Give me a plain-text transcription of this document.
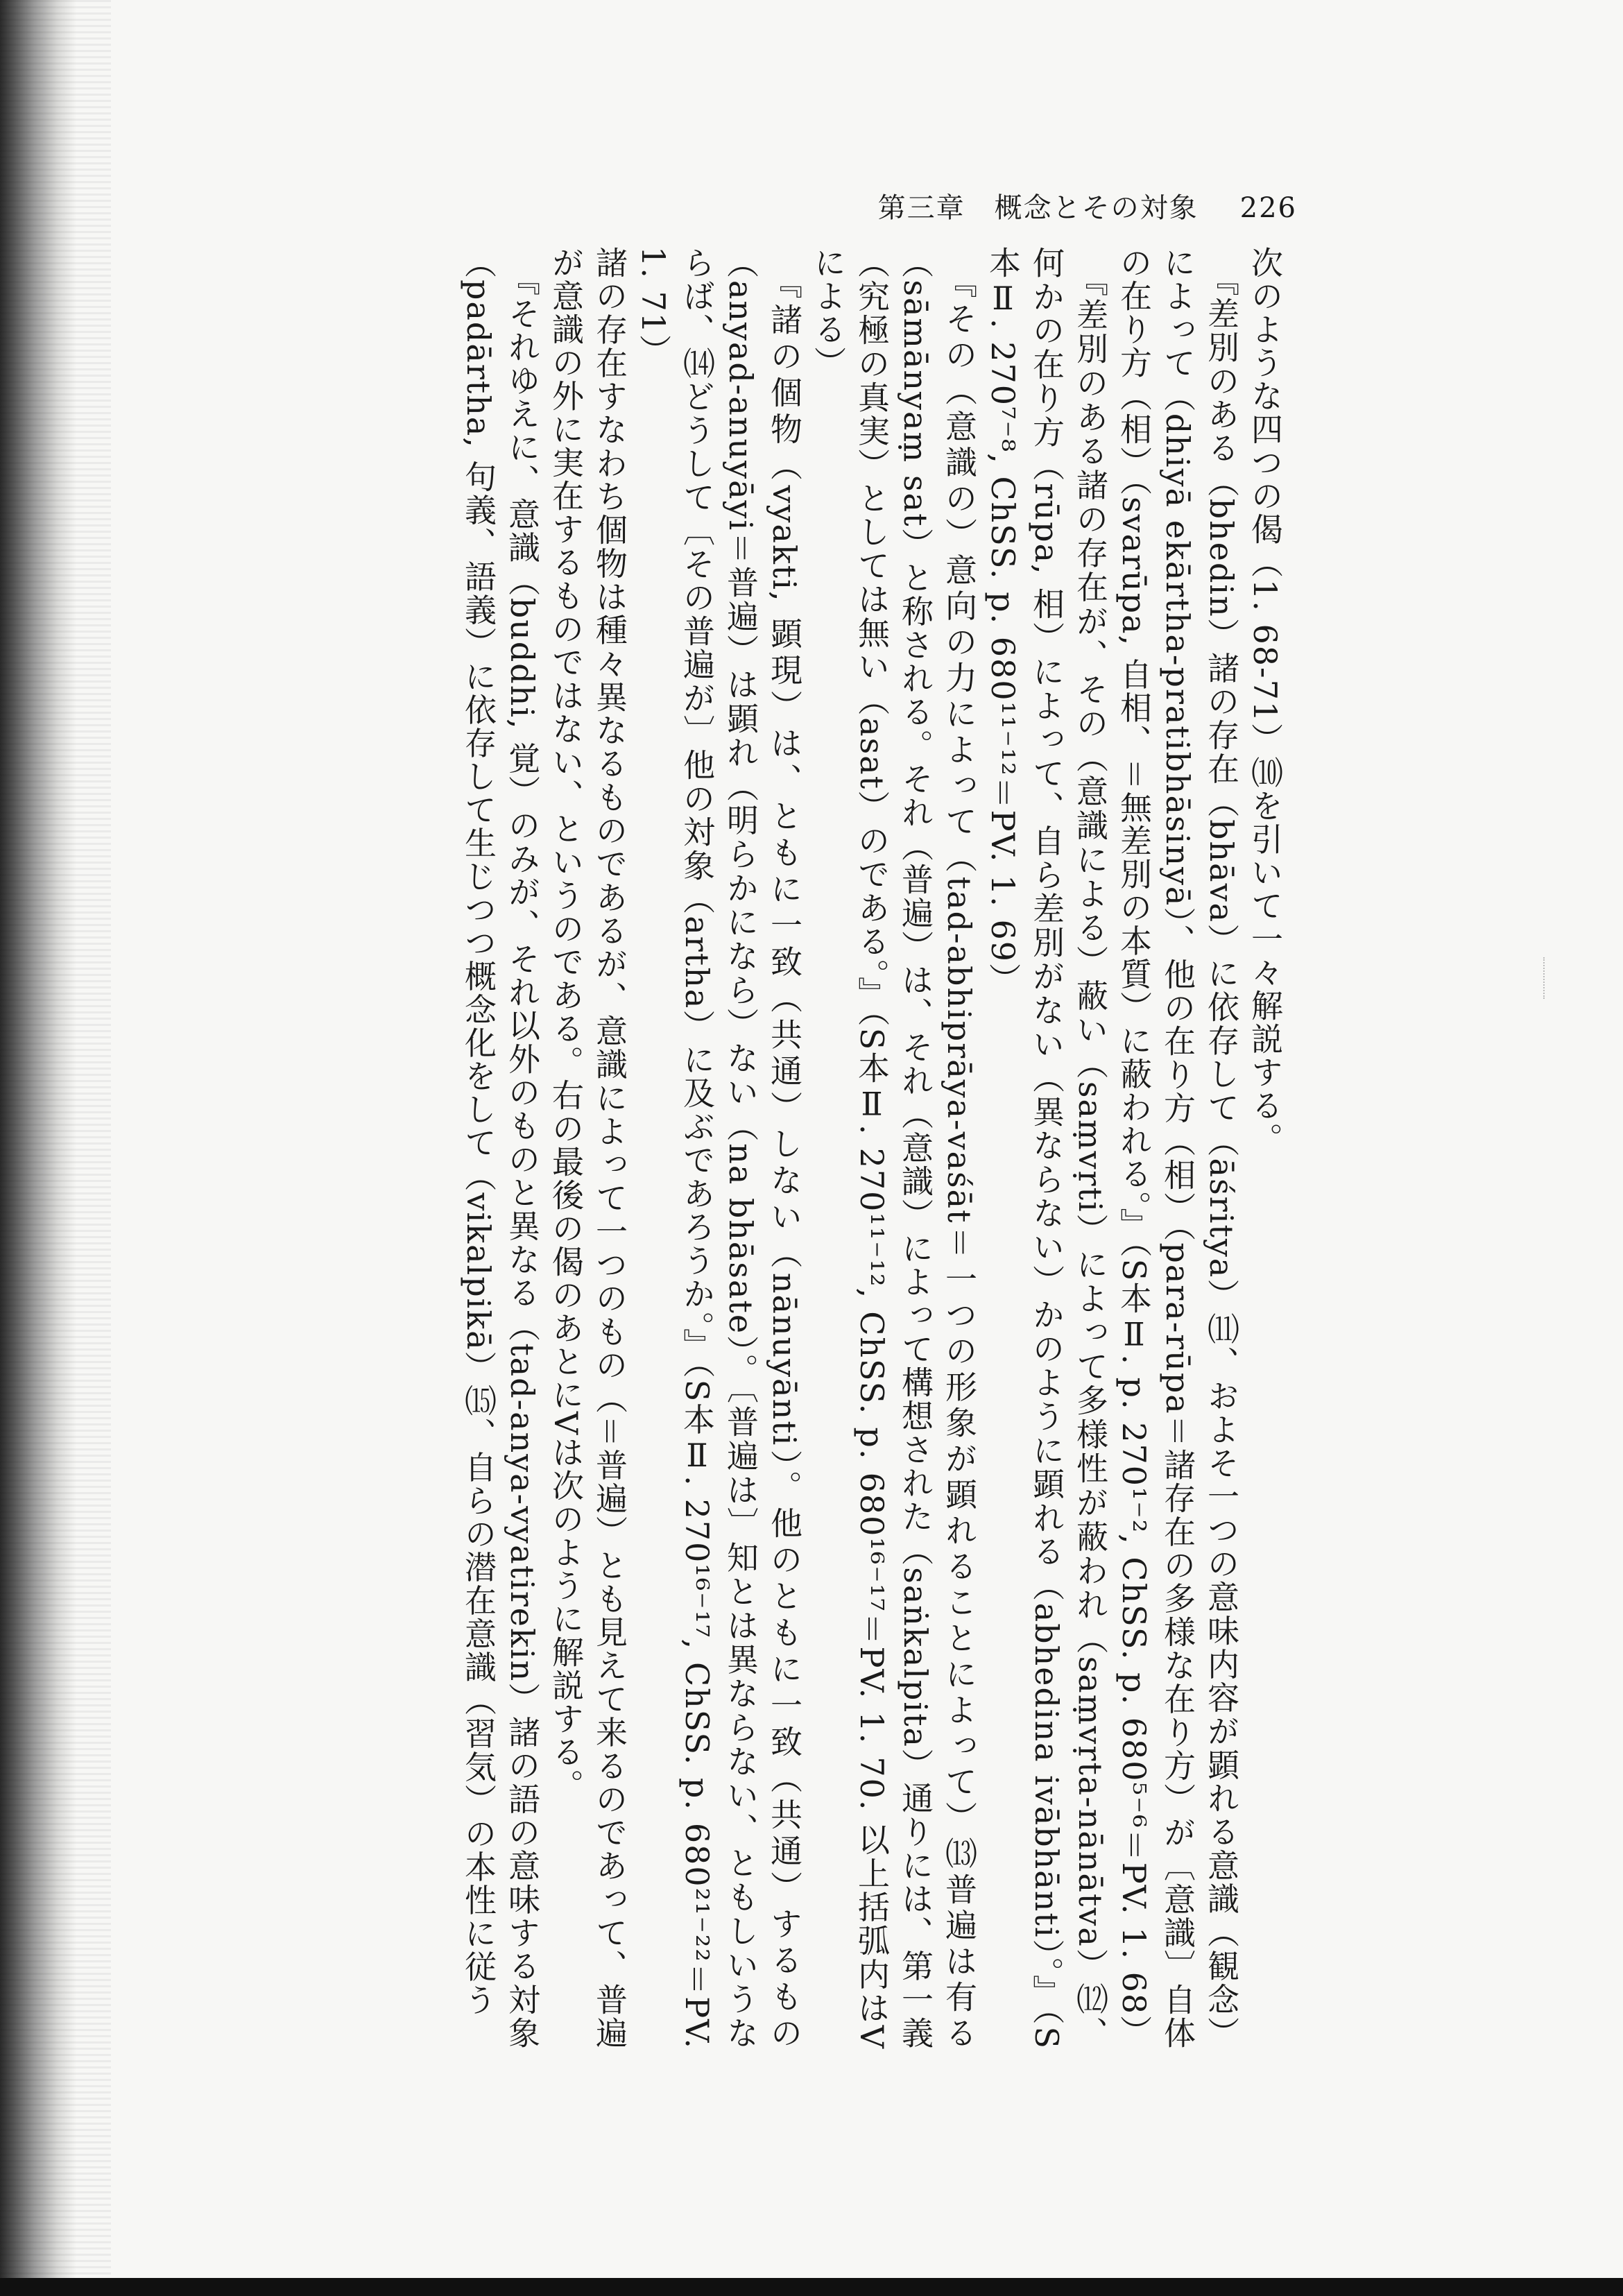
第三章　概念とその対象 226

次のような四つの偈（1. 68-71）⑽を引いて一々解説する。

　『差別のある（bhedin）諸の存在（bhāva）に依存して（āśritya）⑾、およそ一つの意味内容が顕れる意識（観念）によって（dhiyā ekārtha-pratibhāsinyā）、他の在り方（相）（para-rūpa＝諸存在の多様な在り方）が〔意識〕自体の在り方（相）（svarūpa, 自相、＝無差別の本質）に蔽われる。』（S本Ⅱ. p. 270¹⁻², ChSS. p. 680⁵⁻⁶＝PV. 1. 68）

　『差別のある諸の存在が、その（意識による）蔽い（saṃvṛti）によって多様性が蔽われ（saṃvṛta-nānātva）⑿、何かの在り方（rūpa, 相）によって、自ら差別がない（異ならない）かのように顕れる（abhedina ivābhānti）。』（S本Ⅱ. 270⁷⁻⁸, ChSS. p. 680¹¹⁻¹²＝PV. 1. 69）

　『その（意識の）意向の力によって（tad-abhiprāya-vaśāt＝一つの形象が顕れることによって）⒀普遍は有る（sāmānyaṃ sat）と称される。それ（普遍）は、それ（意識）によって構想された（saṅkalpita）通りには、第一義（究極の真実）としては無い（asat）のである。』（S本Ⅱ. 270¹¹⁻¹², ChSS. p. 680¹⁶⁻¹⁷＝PV. 1. 70. 以上括弧内はVによる）

　『諸の個物（vyakti, 顕現）は、ともに一致（共通）しない（nānuyānti）。他のともに一致（共通）するもの（anyad-anuyāyi＝普遍）は顕れ（明らかになら）ない（na bhāsate）。〔普遍は〕知とは異ならない、ともしいうならば、⒁どうして〔その普遍が〕他の対象（artha）に及ぶであろうか。』（S本Ⅱ. 270¹⁶⁻¹⁷, ChSS. p. 680²¹⁻²²＝PV. 1. 71）

諸の存在すなわち個物は種々異なるものであるが、意識によって一つのもの（＝普遍）とも見えて来るのであって、普遍が意識の外に実在するものではない、というのである。右の最後の偈のあとにVは次のように解説する。

　『それゆえに、意識（buddhi, 覚）のみが、それ以外のものと異なる（tad-anya-vyatirekin）諸の語の意味する対象（padārtha, 句義、語義）に依存して生じつつ概念化をして（vikalpikā）⒂、自らの潜在意識（習気）の本性に従う
